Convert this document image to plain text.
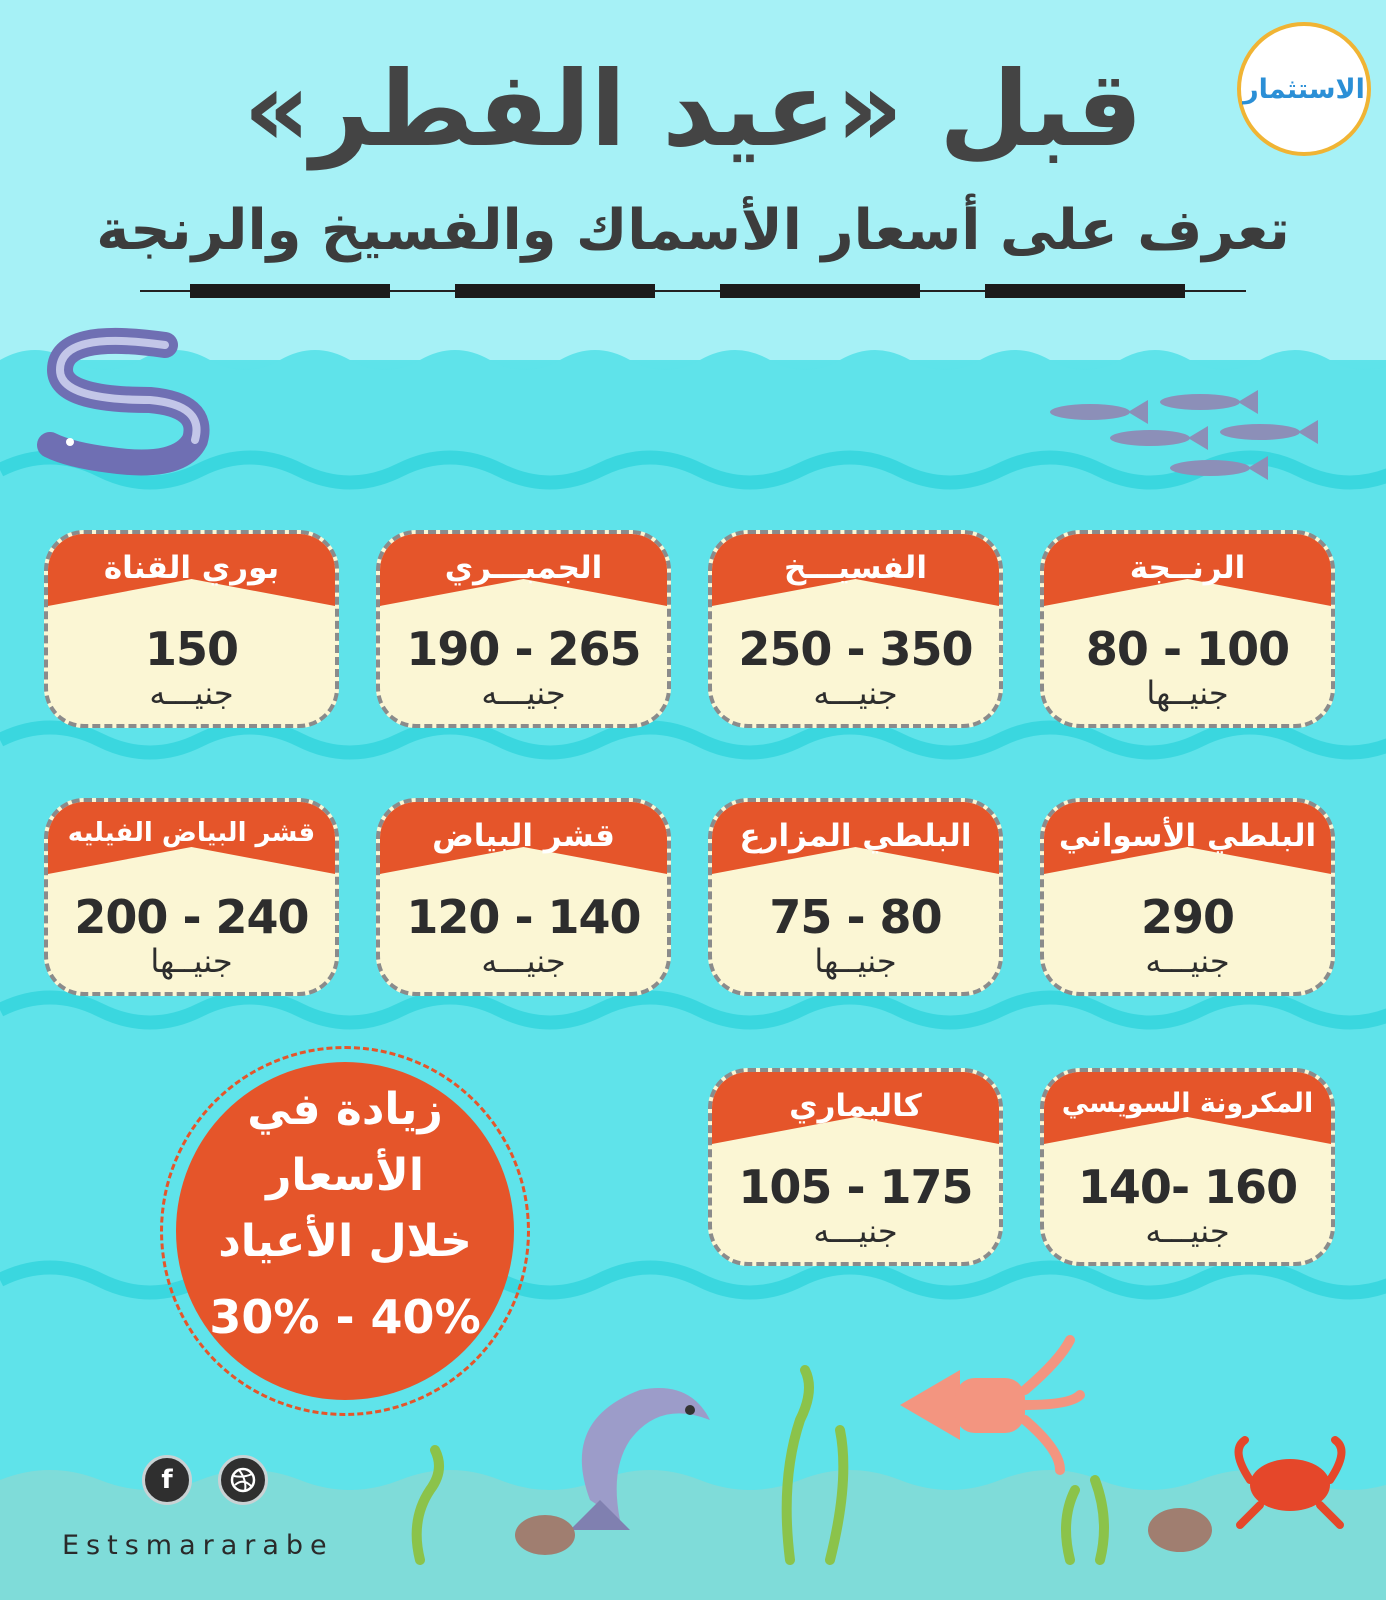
الاستثمار
قبل «عيد الفطر»
تعرف على أسعار الأسماك والفسيخ والرنجة
الرنــجة
80 - 100
جنيــها
الفسيـــخ
250 - 350
جنيـــه
الجمبـــري
190 - 265
جنيـــه
بوري القناة
150
جنيـــه
البلطي الأسواني
290
جنيـــه
البلطي المزارع
75 - 80
جنيــها
قشر البياض
120 - 140
جنيـــه
قشر البياض الفيليه
200 - 240
جنيــها
المكرونة السويسي
140- 160
جنيـــه
كاليماري
105 - 175
جنيـــه
زيادة في
الأسعار
خلال الأعياد
30% - 40%
f
Estsmararabe
